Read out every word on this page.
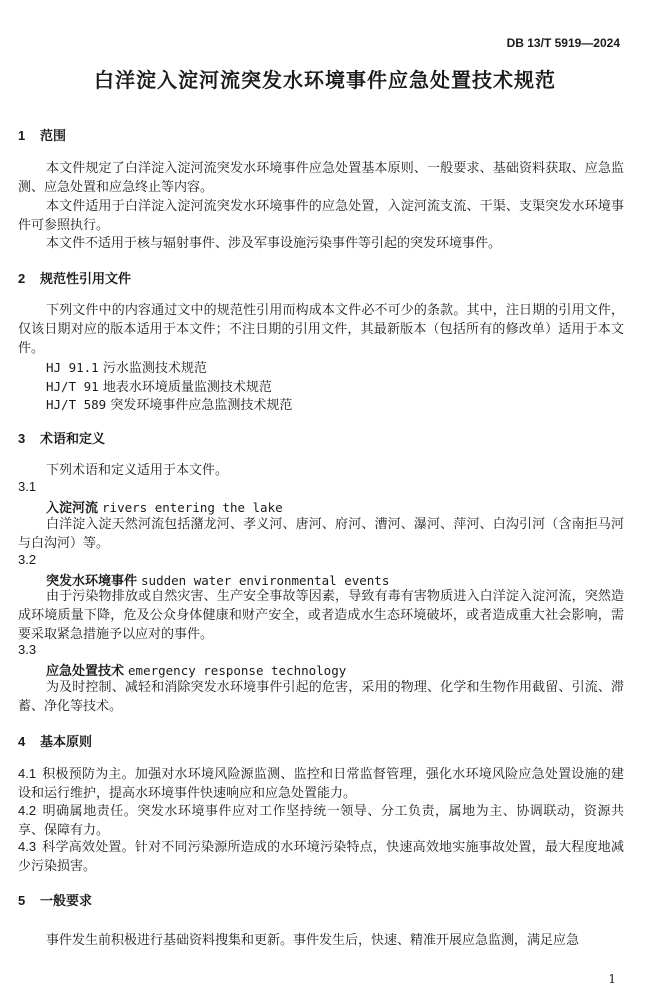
DB 13/T 5919—2024
白洋淀入淀河流突发水环境事件应急处置技术规范
1 范围
本文件规定了白洋淀入淀河流突发水环境事件应急处置基本原则、一般要求、基础资料获取、应急监测、应急处置和应急终止等内容。
本文件适用于白洋淀入淀河流突发水环境事件的应急处置，入淀河流支流、干渠、支渠突发水环境事件可参照执行。
本文件不适用于核与辐射事件、涉及军事设施污染事件等引起的突发环境事件。
2 规范性引用文件
下列文件中的内容通过文中的规范性引用而构成本文件必不可少的条款。其中，注日期的引用文件，仅该日期对应的版本适用于本文件；不注日期的引用文件，其最新版本（包括所有的修改单）适用于本文件。
HJ 91.1 污水监测技术规范
HJ/T 91 地表水环境质量监测技术规范
HJ/T 589 突发环境事件应急监测技术规范
3 术语和定义
下列术语和定义适用于本文件。
3.1
入淀河流 rivers entering the lake
白洋淀入淀天然河流包括潴龙河、孝义河、唐河、府河、漕河、瀑河、萍河、白沟引河（含南拒马河与白沟河）等。
3.2
突发水环境事件 sudden water environmental events
由于污染物排放或自然灾害、生产安全事故等因素，导致有毒有害物质进入白洋淀入淀河流，突然造成环境质量下降，危及公众身体健康和财产安全，或者造成水生态环境破坏，或者造成重大社会影响，需要采取紧急措施予以应对的事件。
3.3
应急处置技术 emergency response technology
为及时控制、减轻和消除突发水环境事件引起的危害，采用的物理、化学和生物作用截留、引流、滞蓄、净化等技术。
4 基本原则
4.1 积极预防为主。加强对水环境风险源监测、监控和日常监督管理，强化水环境风险应急处置设施的建设和运行维护，提高水环境事件快速响应和应急处置能力。
4.2 明确属地责任。突发水环境事件应对工作坚持统一领导、分工负责，属地为主、协调联动，资源共享、保障有力。
4.3 科学高效处置。针对不同污染源所造成的水环境污染特点，快速高效地实施事故处置，最大程度地减少污染损害。
5 一般要求
事件发生前积极进行基础资料搜集和更新。事件发生后，快速、精准开展应急监测，满足应急
1
